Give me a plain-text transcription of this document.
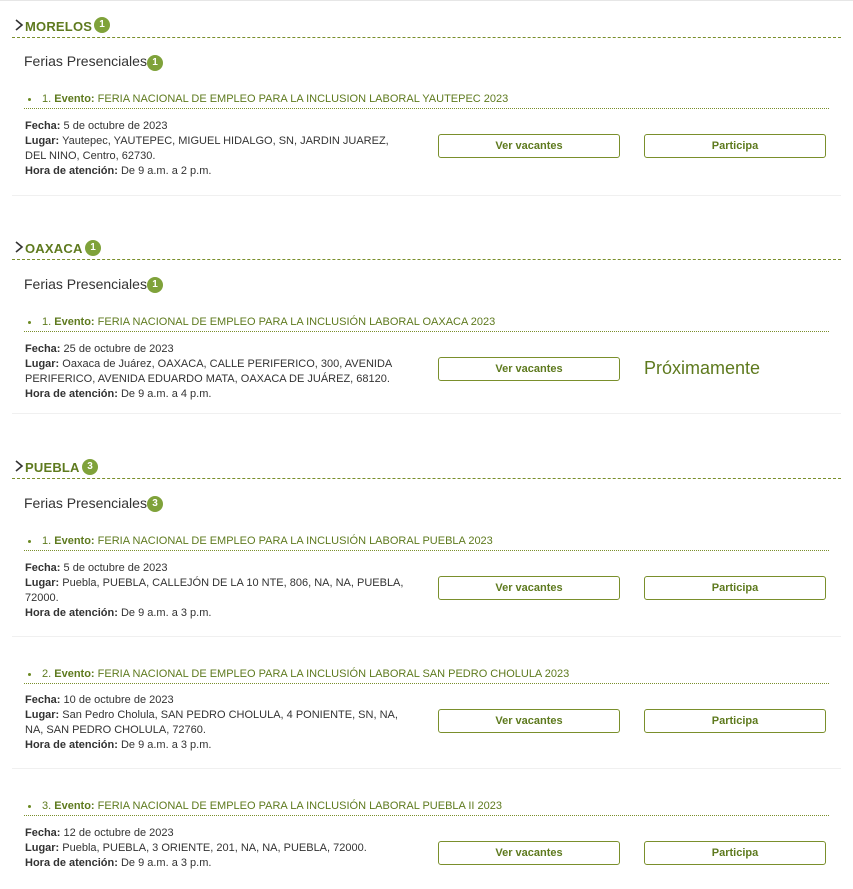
MORELOS 1
Ferias Presenciales 1
1. Evento: FERIA NACIONAL DE EMPLEO PARA LA INCLUSION LABORAL YAUTEPEC 2023
Fecha: 5 de octubre de 2023
Lugar: Yautepec, YAUTEPEC, MIGUEL HIDALGO, SN, JARDIN JUAREZ, DEL NINO, Centro, 62730.
Hora de atención: De 9 a.m. a 2 p.m.
Ver vacantes	Participa
OAXACA 1
Ferias Presenciales 1
1. Evento: FERIA NACIONAL DE EMPLEO PARA LA INCLUSIÓN LABORAL OAXACA 2023
Fecha: 25 de octubre de 2023
Lugar: Oaxaca de Juárez, OAXACA, CALLE PERIFERICO, 300, AVENIDA PERIFERICO, AVENIDA EDUARDO MATA, OAXACA DE JUÁREZ, 68120.
Hora de atención: De 9 a.m. a 4 p.m.
Ver vacantes	Próximamente
PUEBLA 3
Ferias Presenciales 3
1. Evento: FERIA NACIONAL DE EMPLEO PARA LA INCLUSIÓN LABORAL PUEBLA 2023
Fecha: 5 de octubre de 2023
Lugar: Puebla, PUEBLA, CALLEJÓN DE LA 10 NTE, 806, NA, NA, PUEBLA, 72000.
Hora de atención: De 9 a.m. a 3 p.m.
Ver vacantes	Participa
2. Evento: FERIA NACIONAL DE EMPLEO PARA LA INCLUSIÓN LABORAL SAN PEDRO CHOLULA 2023
Fecha: 10 de octubre de 2023
Lugar: San Pedro Cholula, SAN PEDRO CHOLULA, 4 PONIENTE, SN, NA, NA, SAN PEDRO CHOLULA, 72760.
Hora de atención: De 9 a.m. a 3 p.m.
Ver vacantes	Participa
3. Evento: FERIA NACIONAL DE EMPLEO PARA LA INCLUSIÓN LABORAL PUEBLA II 2023
Fecha: 12 de octubre de 2023
Lugar: Puebla, PUEBLA, 3 ORIENTE, 201, NA, NA, PUEBLA, 72000.
Hora de atención: De 9 a.m. a 3 p.m.
Ver vacantes	Participa
